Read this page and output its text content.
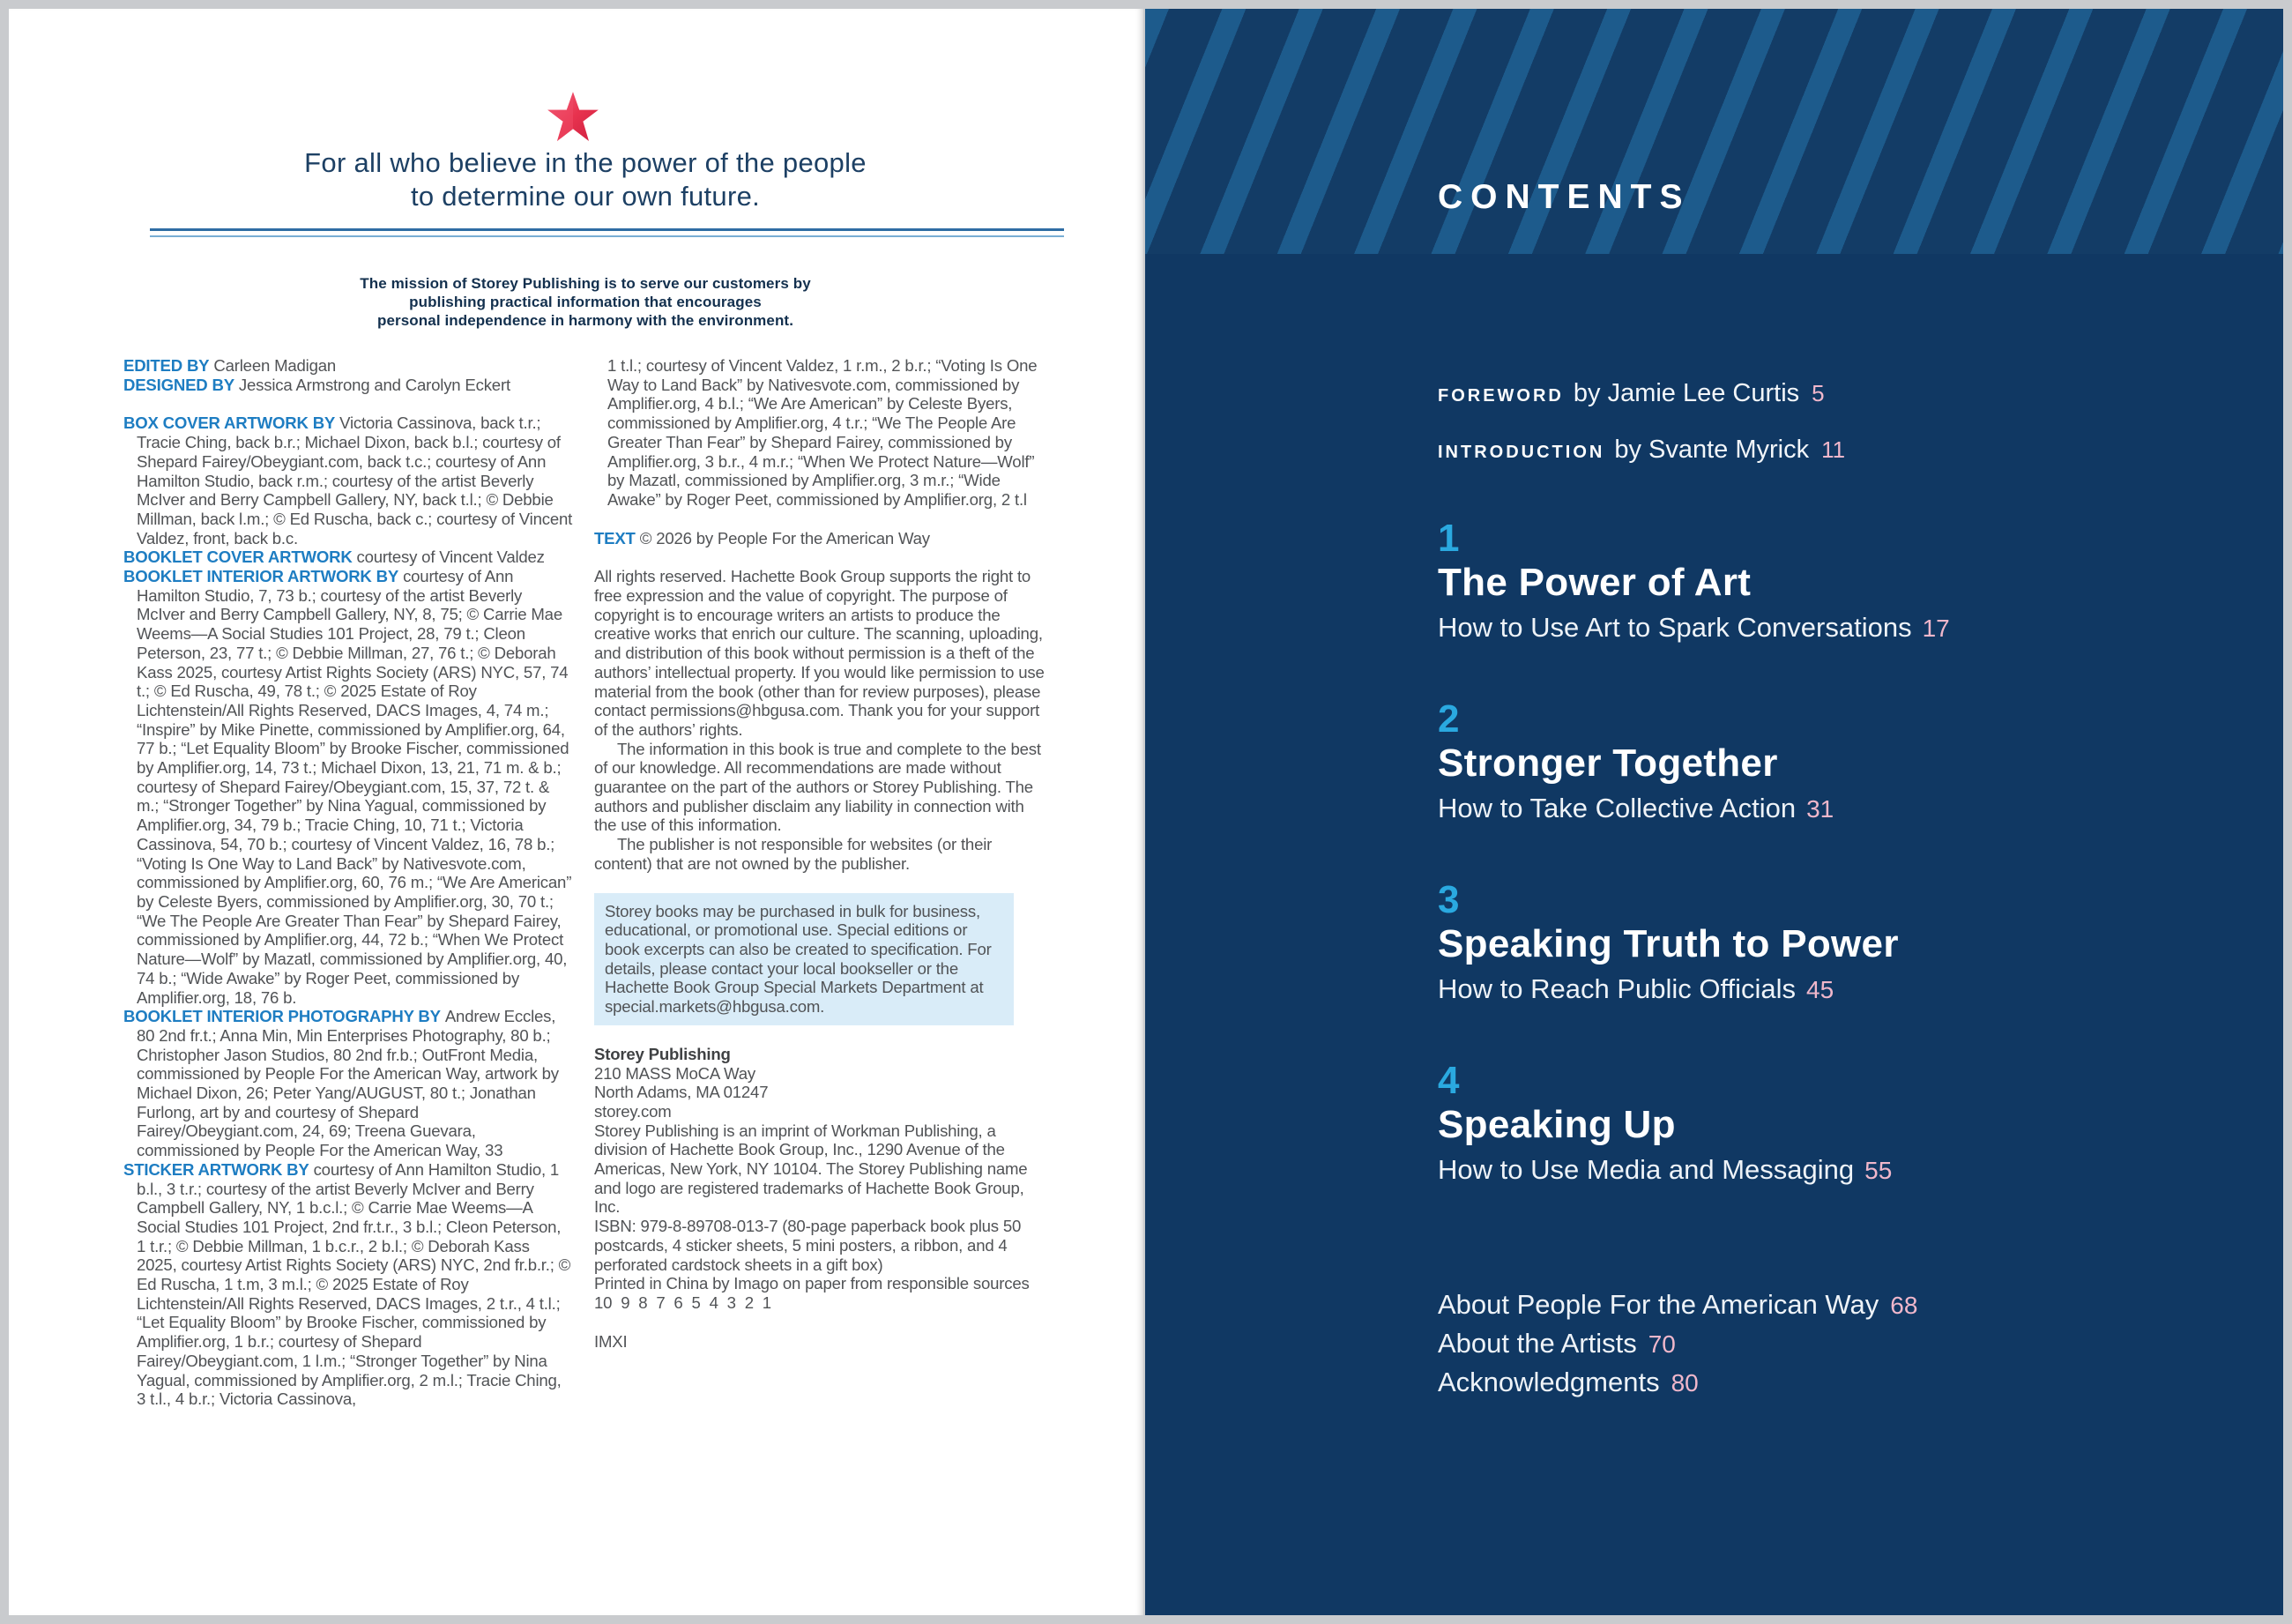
For all who believe in the power of the people
to determine our own future.
The mission of Storey Publishing is to serve our customers by
publishing practical information that encourages
personal independence in harmony with the environment.

EDITED BY Carleen Madigan

DESIGNED BY Jessica Armstrong and Carolyn Eckert

BOX COVER ARTWORK BY Victoria Cassinova, back t.r.; Tracie Ching, back b.r.; Michael Dixon, back b.l.; courtesy of Shepard Fairey/Obeygiant.com, back t.c.; courtesy of Ann Hamilton Studio, back r.m.; courtesy of the artist Beverly McIver and Berry Campbell Gallery, NY, back t.l.; © Debbie Millman, back l.m.; © Ed Ruscha, back c.; courtesy of Vincent Valdez, front, back b.c.

BOOKLET COVER ARTWORK courtesy of Vincent Valdez

BOOKLET INTERIOR ARTWORK BY courtesy of Ann Hamilton Studio, 7, 73 b.; courtesy of the artist Beverly McIver and Berry Campbell Gallery, NY, 8, 75; © Carrie Mae Weems—A Social Studies 101 Project, 28, 79 t.; Cleon Peterson, 23, 77 t.; © Debbie Millman, 27, 76 t.; © Deborah Kass 2025, courtesy Artist Rights Society (ARS) NYC, 57, 74 t.; © Ed Ruscha, 49, 78 t.; © 2025 Estate of Roy Lichtenstein/All Rights Reserved, DACS Images, 4, 74 m.; “Inspire” by Mike Pinette, commissioned by Amplifier.org, 64, 77 b.; “Let Equality Bloom” by Brooke Fischer, commissioned by Amplifier.org, 14, 73 t.; Michael Dixon, 13, 21, 71 m. & b.; courtesy of Shepard Fairey/Obeygiant.com, 15, 37, 72 t. & m.; “Stronger Together” by Nina Yagual, commissioned by Amplifier.org, 34, 79 b.; Tracie Ching, 10, 71 t.; Victoria Cassinova, 54, 70 b.; courtesy of Vincent Valdez, 16, 78 b.; “Voting Is One Way to Land Back” by Nativesvote.com, commissioned by Amplifier.org, 60, 76 m.; “We Are American” by Celeste Byers, commissioned by Amplifier.org, 30, 70 t.; “We The People Are Greater Than Fear” by Shepard Fairey, commissioned by Amplifier.org, 44, 72 b.; “When We Protect Nature—Wolf” by Mazatl, commissioned by Amplifier.org, 40, 74 b.; “Wide Awake” by Roger Peet, commissioned by Amplifier.org, 18, 76 b.

BOOKLET INTERIOR PHOTOGRAPHY BY Andrew Eccles, 80 2nd fr.t.; Anna Min, Min Enterprises Photography, 80 b.; Christopher Jason Studios, 80 2nd fr.b.; OutFront Media, commissioned by People For the American Way, artwork by Michael Dixon, 26; Peter Yang/AUGUST, 80 t.; Jonathan Furlong, art by and courtesy of Shepard Fairey/Obeygiant.com, 24, 69; Treena Guevara, commissioned by People For the American Way, 33

STICKER ARTWORK BY courtesy of Ann Hamilton Studio, 1 b.l., 3 t.r.; courtesy of the artist Beverly McIver and Berry Campbell Gallery, NY, 1 b.c.l.; © Carrie Mae Weems—A Social Studies 101 Project, 2nd fr.t.r., 3 b.l.; Cleon Peterson, 1 t.r.; © Debbie Millman, 1 b.c.r., 2 b.l.; © Deborah Kass 2025, courtesy Artist Rights Society (ARS) NYC, 2nd fr.b.r.; © Ed Ruscha, 1 t.m, 3 m.l.; © 2025 Estate of Roy Lichtenstein/All Rights Reserved, DACS Images, 2 t.r., 4 t.l.; “Let Equality Bloom” by Brooke Fischer, commissioned by Amplifier.org, 1 b.r.; courtesy of Shepard Fairey/Obeygiant.com, 1 l.m.; “Stronger Together” by Nina Yagual, commissioned by Amplifier.org, 2 m.l.; Tracie Ching, 3 t.l., 4 b.r.; Victoria Cassinova,

1 t.l.; courtesy of Vincent Valdez, 1 r.m., 2 b.r.; “Voting Is One Way to Land Back” by Nativesvote.com, commissioned by Amplifier.org, 4 b.l.; “We Are American” by Celeste Byers, commissioned by Amplifier.org, 4 t.r.; “We The People Are Greater Than Fear” by Shepard Fairey, commissioned by Amplifier.org, 3 b.r., 4 m.r.; “When We Protect Nature—Wolf” by Mazatl, commissioned by Amplifier.org, 3 m.r.; “Wide Awake” by Roger Peet, commissioned by Amplifier.org, 2 t.l

TEXT © 2026 by People For the American Way

All rights reserved. Hachette Book Group supports the right to free expression and the value of copyright. The purpose of copyright is to encourage writers an artists to produce the creative works that enrich our culture. The scanning, uploading, and distribution of this book without permission is a theft of the authors’ intellectual property. If you would like permission to use material from the book (other than for review purposes), please contact permissions@hbgusa.com. Thank you for your support of the authors’ rights.

The information in this book is true and complete to the best of our knowledge. All recommendations are made without guarantee on the part of the authors or Storey Publishing. The authors and publisher disclaim any liability in connection with the use of this information.

The publisher is not responsible for websites (or their content) that are not owned by the publisher.

Storey books may be purchased in bulk for business, educational, or promotional use. Special editions or book excerpts can also be created to specification. For details, please contact your local bookseller or the Hachette Book Group Special Markets Department at special.markets@hbgusa.com.

Storey Publishing

210 MASS MoCA Way

North Adams, MA 01247

storey.com

Storey Publishing is an imprint of Workman Publishing, a division of Hachette Book Group, Inc., 1290 Avenue of the Americas, New York, NY 10104. The Storey Publishing name and logo are registered trademarks of Hachette Book Group, Inc.

ISBN: 979-8-89708-013-7 (80-page paperback book plus 50 postcards, 4 sticker sheets, 5 mini posters, a ribbon, and 4 perforated cardstock sheets in a gift box)

Printed in China by Imago on paper from responsible sources

10  9  8  7  6  5  4  3  2  1

IMXI

CONTENTS
FOREWORD by Jamie Lee Curtis 5
INTRODUCTION by Svante Myrick 11
1
The Power of Art
How to Use Art to Spark Conversations 17
2
Stronger Together
How to Take Collective Action 31
3
Speaking Truth to Power
How to Reach Public Officials 45
4
Speaking Up
How to Use Media and Messaging 55
About People For the American Way 68
About the Artists 70
Acknowledgments 80
